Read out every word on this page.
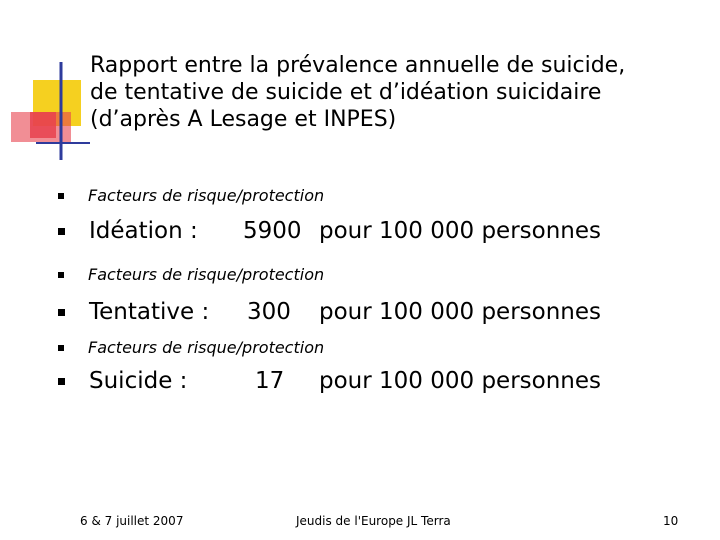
Rapport entre la prévalence annuelle de suicide,
de tentative de suicide et d’idéation suicidaire
(d’après A Lesage et INPES)
Facteurs de risque/protection
Idéation :	5900 pour 100 000 personnes
Facteurs de risque/protection
Tentative :	300	pour 100 000 personnes
Facteurs de risque/protection
Suicide :	17	pour 100 000 personnes
6 & 7 juillet 2007	Jeudis de l'Europe JL Terra	10
